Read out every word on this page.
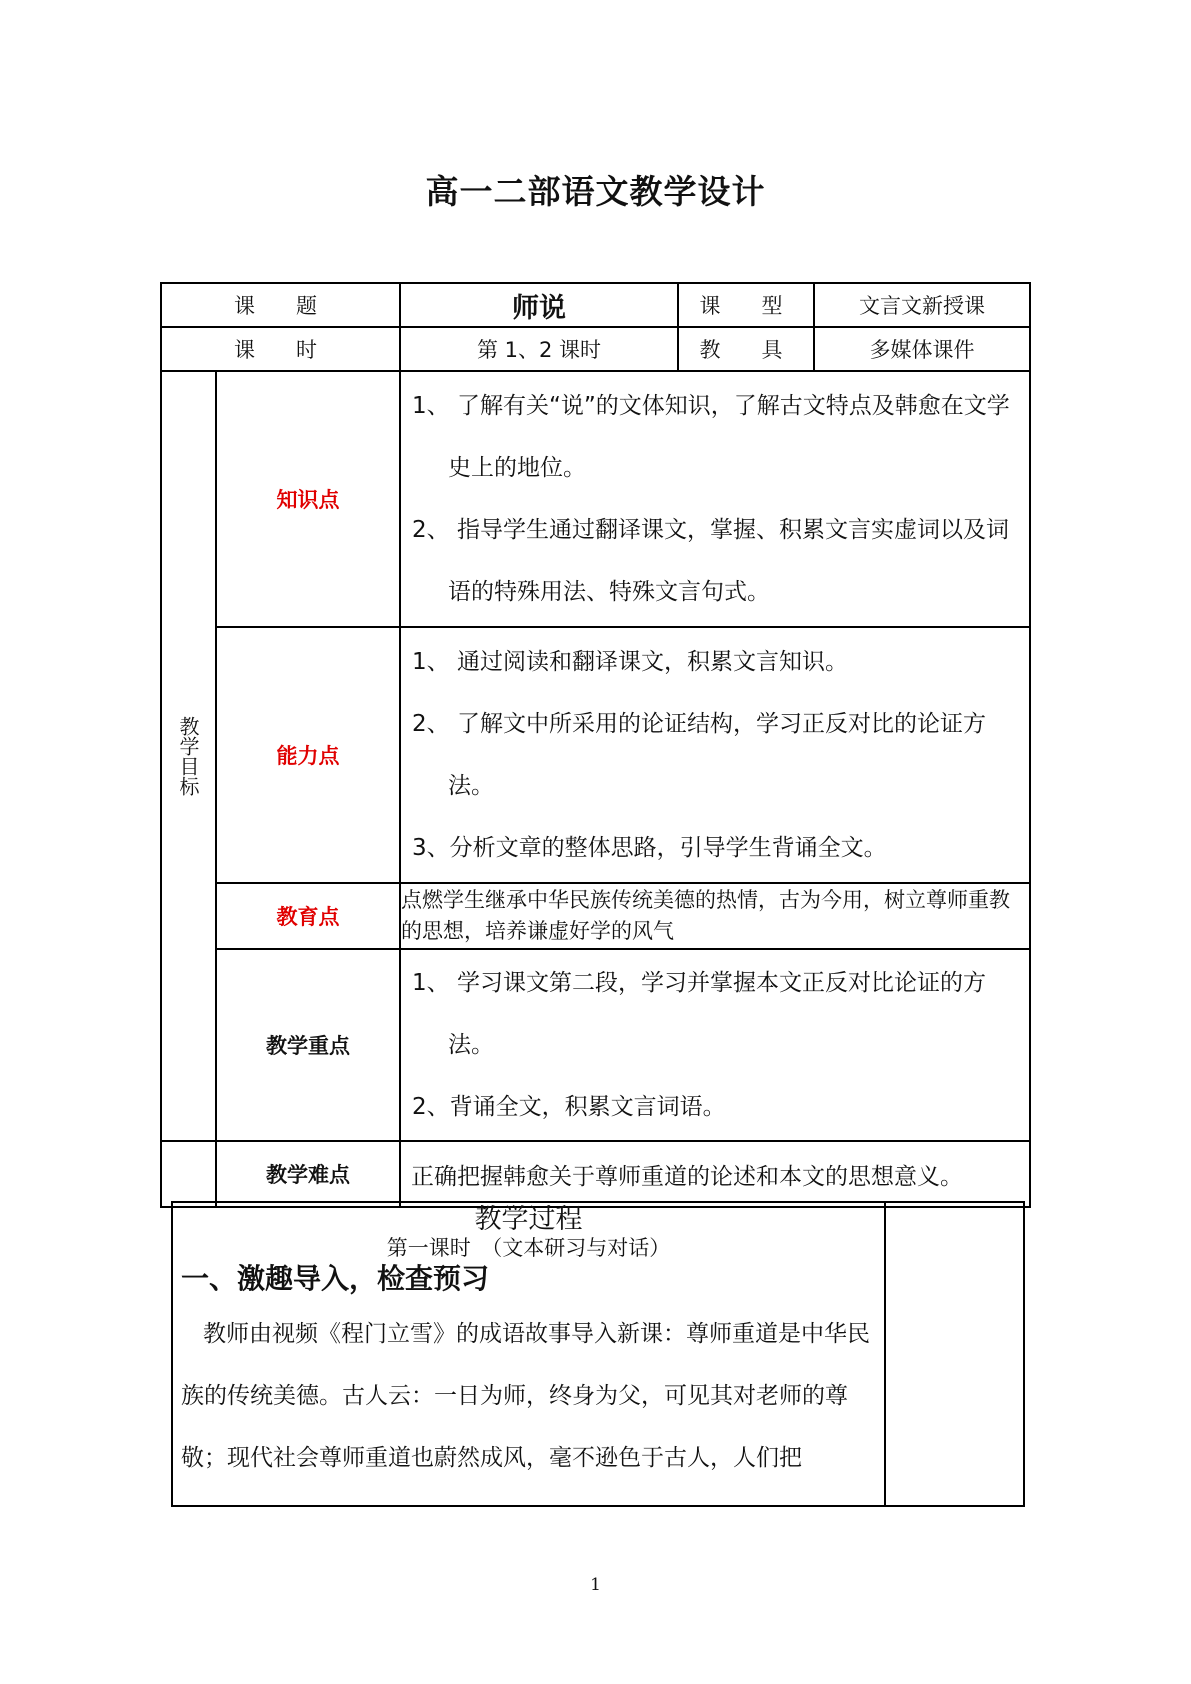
高一二部语文教学设计
课　题		师说	课　型	文言文新授课
课　时		第 1、2 课时	教　具	多媒体课件

教学目标	知识点	1、 了解有关“说”的文体知识，了解古文特点及韩愈在文学史上的地位。
2、 指导学生通过翻译课文，掌握、积累文言实虚词以及词语的特殊用法、特殊文言句式。		

	能力点	1、 通过阅读和翻译课文，积累文言知识。
2、 了解文中所采用的论证结构，学习正反对比的论证方法。
3、分析文章的整体思路，引导学生背诵全文。		

	教育点	点燃学生继承中华民族传统美德的热情，古为今用，树立尊师重教的思想，培养谦虚好学的风气		
	教学重点	1、 学习课文第二段，学习并掌握本文正反对比论证的方法。
2、背诵全文，积累文言词语。		

	教学难点	正确把握韩愈关于尊师重道的论述和本文的思想意义。		
教学过程
第一课时　（文本研习与对话）
一、激趣导入，检查预习
教师由视频《程门立雪》的成语故事导入新课：尊师重道是中华民族的传统美德。古人云：一日为师，终身为父，可见其对老师的尊敬；现代社会尊师重道也蔚然成风，毫不逊色于古人，人们把
1
